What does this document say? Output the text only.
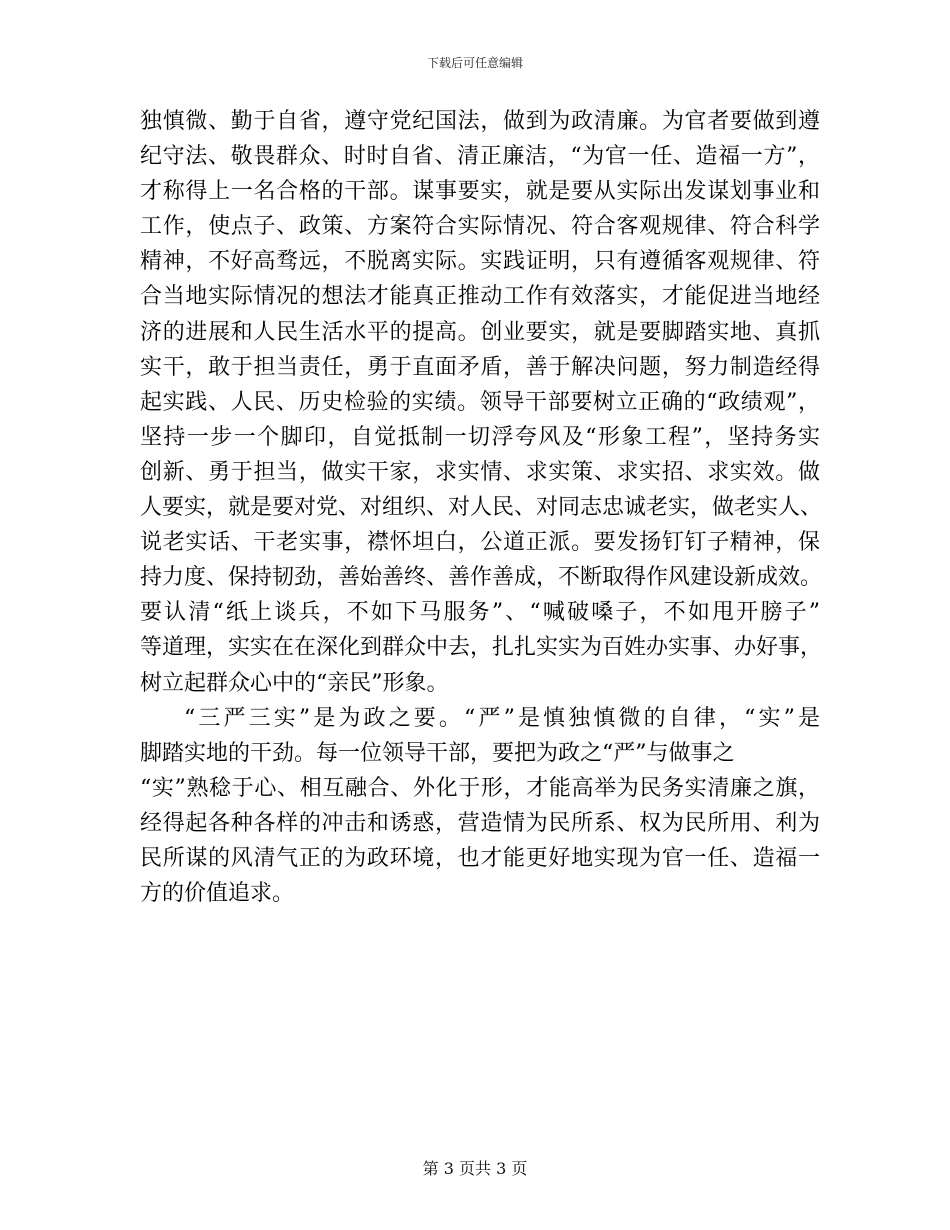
下载后可任意编辑
独慎微、勤于自省，遵守党纪国法，做到为政清廉。为官者要做到遵
纪守法、敬畏群众、时时自省、清正廉洁，“为官一任、造福一方”，
才称得上一名合格的干部。谋事要实，就是要从实际出发谋划事业和
工作，使点子、政策、方案符合实际情况、符合客观规律、符合科学
精神，不好高骛远，不脱离实际。实践证明，只有遵循客观规律、符
合当地实际情况的想法才能真正推动工作有效落实，才能促进当地经
济的进展和人民生活水平的提高。创业要实，就是要脚踏实地、真抓
实干，敢于担当责任，勇于直面矛盾，善于解决问题，努力制造经得
起实践、人民、历史检验的实绩。领导干部要树立正确的“政绩观”，
坚持一步一个脚印，自觉抵制一切浮夸风及“形象工程”，坚持务实
创新、勇于担当，做实干家，求实情、求实策、求实招、求实效。做
人要实，就是要对党、对组织、对人民、对同志忠诚老实，做老实人、
说老实话、干老实事，襟怀坦白，公道正派。要发扬钉钉子精神，保
持力度、保持韧劲，善始善终、善作善成，不断取得作风建设新成效。
要认清“纸上谈兵，不如下马服务”、“喊破嗓子，不如甩开膀子”
等道理，实实在在深化到群众中去，扎扎实实为百姓办实事、办好事，
树立起群众心中的“亲民”形象。
“三严三实”是为政之要。“严”是慎独慎微的自律，“实”是
脚踏实地的干劲。每一位领导干部，要把为政之“严”与做事之
“实”熟稔于心、相互融合、外化于形，才能高举为民务实清廉之旗，
经得起各种各样的冲击和诱惑，营造情为民所系、权为民所用、利为
民所谋的风清气正的为政环境，也才能更好地实现为官一任、造福一
方的价值追求。
第 3 页共 3 页
